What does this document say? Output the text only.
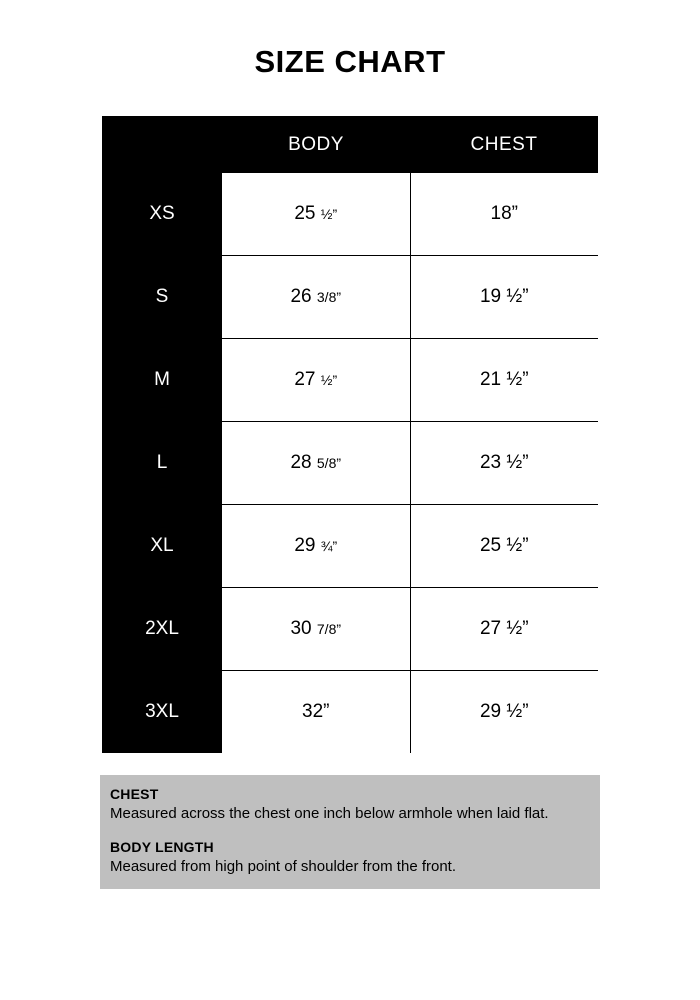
SIZE CHART
	BODY	CHEST
XS	25 ½”	18”
S	26 3/8”	19 ½”
M	27 ½”	21 ½”
L	28 5/8”	23 ½”
XL	29 ¾”	25 ½”
2XL	30 7/8”	27 ½”
3XL	32”	29 ½”
CHEST
Measured across the chest one inch below armhole when laid flat.
BODY LENGTH
Measured from high point of shoulder from the front.
